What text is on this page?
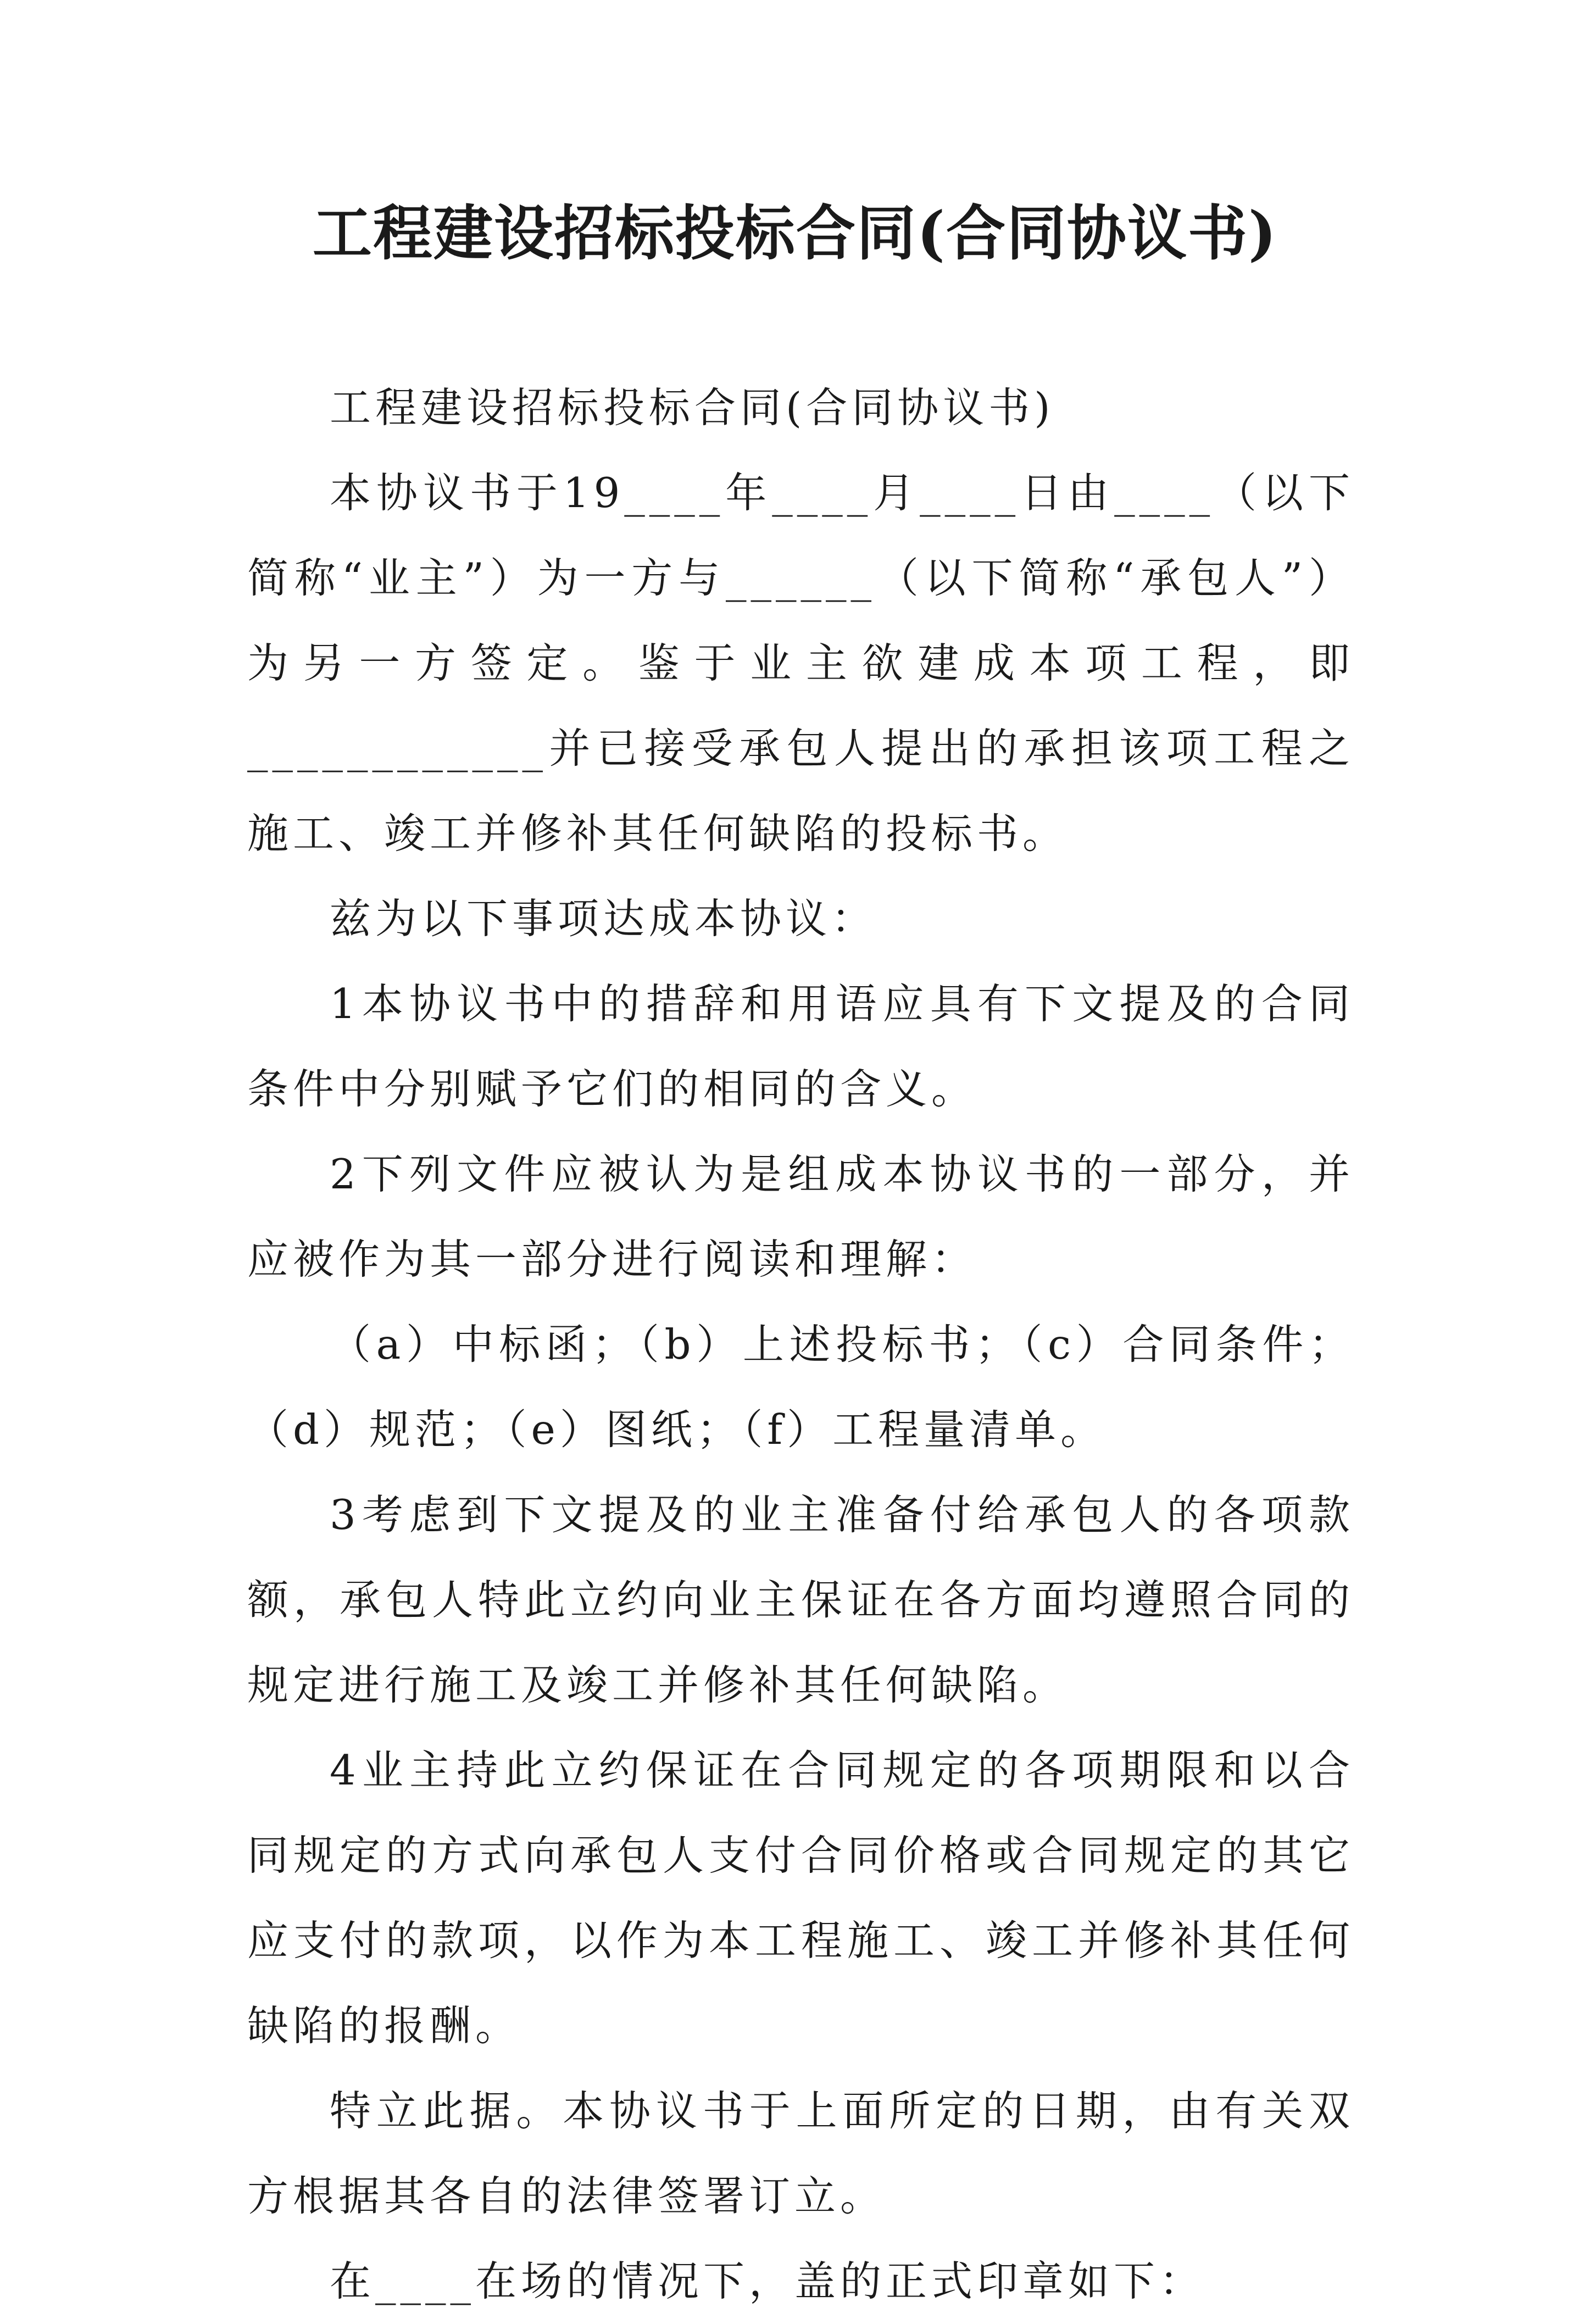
工程建设招标投标合同(合同协议书)

工程建设招标投标合同(合同协议书)

本协议书于19____年____月____日由____（以下简称“业主”）为一方与______（以下简称“承包人”）为另一方签定。鉴于业主欲建成本项工程，即____________并已接受承包人提出的承担该项工程之施工、竣工并修补其任何缺陷的投标书。

兹为以下事项达成本协议：

1本协议书中的措辞和用语应具有下文提及的合同条件中分别赋予它们的相同的含义。

2下列文件应被认为是组成本协议书的一部分，并应被作为其一部分进行阅读和理解：

（a）中标函；（b）上述投标书；（c）合同条件；（d）规范；（e）图纸；（f）工程量清单。

3考虑到下文提及的业主准备付给承包人的各项款额，承包人特此立约向业主保证在各方面均遵照合同的规定进行施工及竣工并修补其任何缺陷。

4业主持此立约保证在合同规定的各项期限和以合同规定的方式向承包人支付合同价格或合同规定的其它应支付的款项，以作为本工程施工、竣工并修补其任何缺陷的报酬。

特立此据。本协议书于上面所定的日期，由有关双方根据其各自的法律签署订立。

在____在场的情况下，盖的正式印章如下：
